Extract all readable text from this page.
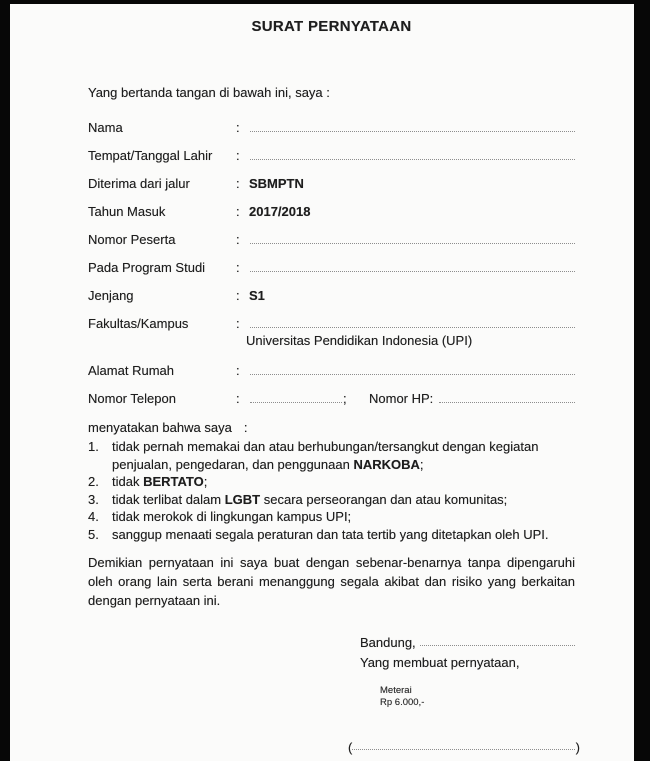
SURAT PERNYATAAN
Yang bertanda tangan di bawah ini, saya :
Nama	:
Tempat/Tanggal Lahir	:
Diterima dari jalur	: SBMPTN
Tahun Masuk	: 2017/2018
Nomor Peserta	:
Pada Program Studi	:
Jenjang	: S1
Fakultas/Kampus	:
Universitas Pendidikan Indonesia (UPI)
Alamat Rumah	:
Nomor Telepon	:	;	Nomor HP:
menyatakan bahwa saya :
1.	tidak pernah memakai dan atau berhubungan/tersangkut dengan kegiatan penjualan, pengedaran, dan penggunaan NARKOBA;
2.	tidak BERTATO;
3.	tidak terlibat dalam LGBT secara perseorangan dan atau komunitas;
4.	tidak merokok di lingkungan kampus UPI;
5.	sanggup menaati segala peraturan dan tata tertib yang ditetapkan oleh UPI.
Demikian pernyataan ini saya buat dengan sebenar-benarnya tanpa dipengaruhi oleh orang lain serta berani menanggung segala akibat dan risiko yang berkaitan dengan pernyataan ini.
Bandung,
Yang membuat pernyataan,
Meterai
Rp 6.000,-
(	)
